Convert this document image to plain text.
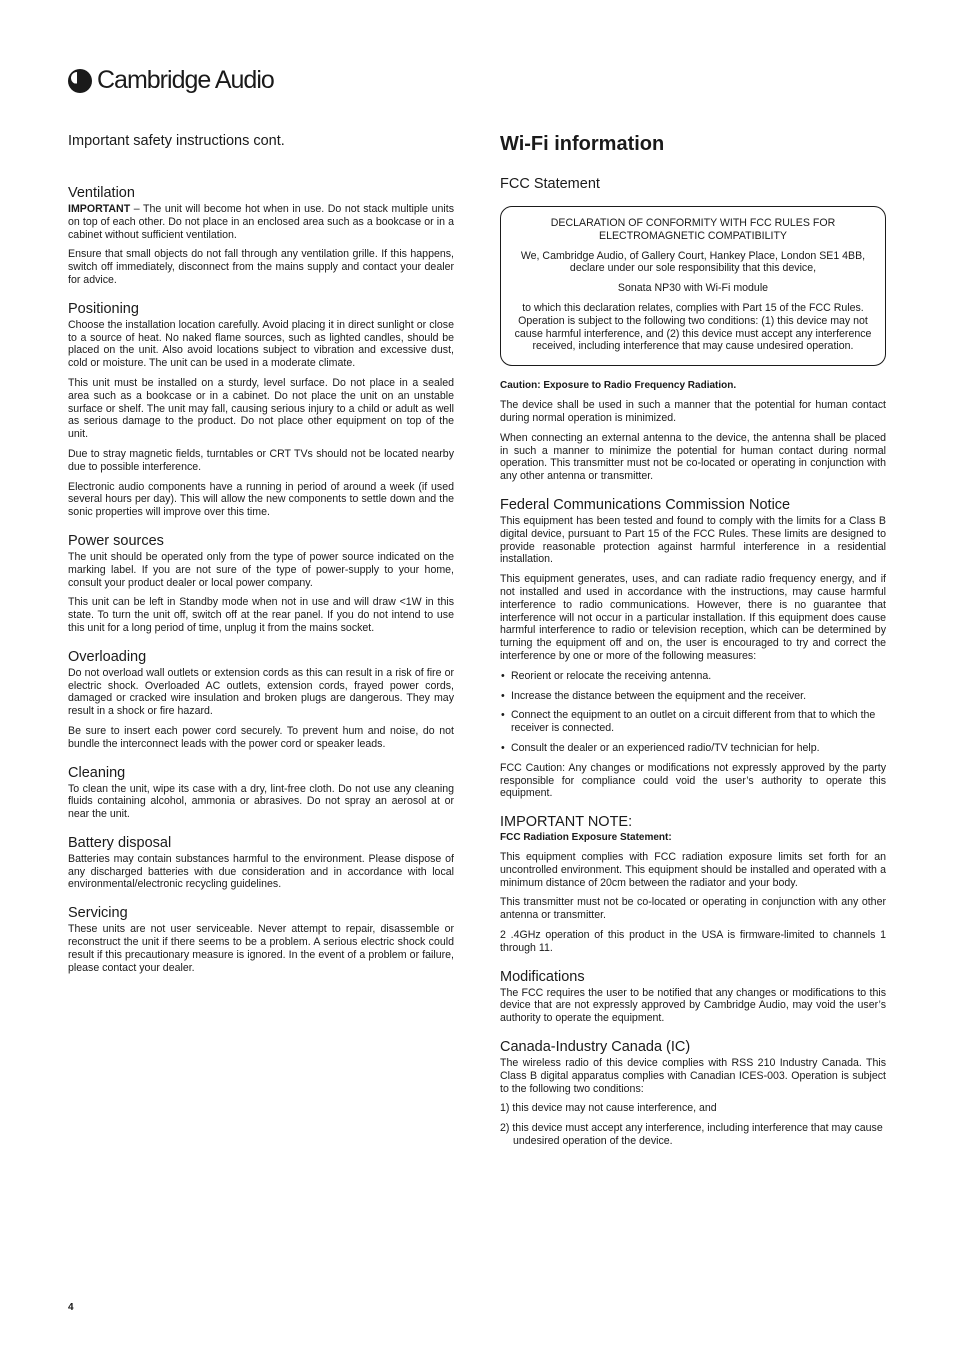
Cambridge Audio
Important safety instructions cont.
Ventilation

IMPORTANT – The unit will become hot when in use. Do not stack multiple units on top of each other. Do not place in an enclosed area such as a bookcase or in a cabinet without sufficient ventilation.

Ensure that small objects do not fall through any ventilation grille. If this happens, switch off immediately, disconnect from the mains supply and contact your dealer for advice.

Positioning

Choose the installation location carefully. Avoid placing it in direct sunlight or close to a source of heat. No naked flame sources, such as lighted candles, should be placed on the unit. Also avoid locations subject to vibration and excessive dust, cold or moisture. The unit can be used in a moderate climate.

This unit must be installed on a sturdy, level surface. Do not place in a sealed area such as a bookcase or in a cabinet. Do not place the unit on an unstable surface or shelf. The unit may fall, causing serious injury to a child or adult as well as serious damage to the product. Do not place other equipment on top of the unit.

Due to stray magnetic fields, turntables or CRT TVs should not be located nearby due to possible interference.

Electronic audio components have a running in period of around a week (if used several hours per day). This will allow the new components to settle down and the sonic properties will improve over this time.

Power sources

The unit should be operated only from the type of power source indicated on the marking label. If you are not sure of the type of power-supply to your home, consult your product dealer or local power company.

This unit can be left in Standby mode when not in use and will draw <1W in this state. To turn the unit off, switch off at the rear panel. If you do not intend to use this unit for a long period of time, unplug it from the mains socket.

Overloading

Do not overload wall outlets or extension cords as this can result in a risk of fire or electric shock. Overloaded AC outlets, extension cords, frayed power cords, damaged or cracked wire insulation and broken plugs are dangerous. They may result in a shock or fire hazard.

Be sure to insert each power cord securely. To prevent hum and noise, do not bundle the interconnect leads with the power cord or speaker leads.

Cleaning

To clean the unit, wipe its case with a dry, lint-free cloth. Do not use any cleaning fluids containing alcohol, ammonia or abrasives. Do not spray an aerosol at or near the unit.

Battery disposal

Batteries may contain substances harmful to the environment. Please dispose of any discharged batteries with due consideration and in accordance with local environmental/electronic recycling guidelines.

Servicing

These units are not user serviceable. Never attempt to repair, disassemble or reconstruct the unit if there seems to be a problem. A serious electric shock could result if this precautionary measure is ignored. In the event of a problem or failure, please contact your dealer.

Wi-Fi information
FCC Statement

DECLARATION OF CONFORMITY WITH FCC RULES FOR ELECTROMAGNETIC COMPATIBILITY

We, Cambridge Audio, of Gallery Court, Hankey Place, London SE1 4BB, declare under our sole responsibility that this device,

Sonata NP30 with Wi-Fi module

to which this declaration relates, complies with Part 15 of the FCC Rules. Operation is subject to the following two conditions: (1) this device may not cause harmful interference, and (2) this device must accept any interference received, including interference that may cause undesired operation.

Caution: Exposure to Radio Frequency Radiation.

The device shall be used in such a manner that the potential for human contact during normal operation is minimized.

When connecting an external antenna to the device, the antenna shall be placed in such a manner to minimize the potential for human contact during normal operation. This transmitter must not be co-located or operating in conjunction with any other antenna or transmitter.

Federal Communications Commission Notice

This equipment has been tested and found to comply with the limits for a Class B digital device, pursuant to Part 15 of the FCC Rules. These limits are designed to provide reasonable protection against harmful interference in a residential installation.

This equipment generates, uses, and can radiate radio frequency energy, and if not installed and used in accordance with the instructions, may cause harmful interference to radio communications. However, there is no guarantee that interference will not occur in a particular installation. If this equipment does cause harmful interference to radio or television reception, which can be determined by turning the equipment off and on, the user is encouraged to try and correct the interference by one or more of the following measures:

• Reorient or relocate the receiving antenna.
• Increase the distance between the equipment and the receiver.
• Connect the equipment to an outlet on a circuit different from that to which the receiver is connected.
• Consult the dealer or an experienced radio/TV technician for help.

FCC Caution: Any changes or modifications not expressly approved by the party responsible for compliance could void the user’s authority to operate this equipment.

IMPORTANT NOTE:
FCC Radiation Exposure Statement:

This equipment complies with FCC radiation exposure limits set forth for an uncontrolled environment. This equipment should be installed and operated with a minimum distance of 20cm between the radiator and your body.

This transmitter must not be co-located or operating in conjunction with any other antenna or transmitter.

2 .4GHz operation of this product in the USA is firmware-limited to channels 1 through 11.

Modifications

The FCC requires the user to be notified that any changes or modifications to this device that are not expressly approved by Cambridge Audio, may void the user’s authority to operate the equipment.

Canada-Industry Canada (IC)

The wireless radio of this device complies with RSS 210 Industry Canada. This Class B digital apparatus complies with Canadian ICES-003. Operation is subject to the following two conditions:

1) this device may not cause interference, and
2) this device must accept any interference, including interference that may cause undesired operation of the device.
4
